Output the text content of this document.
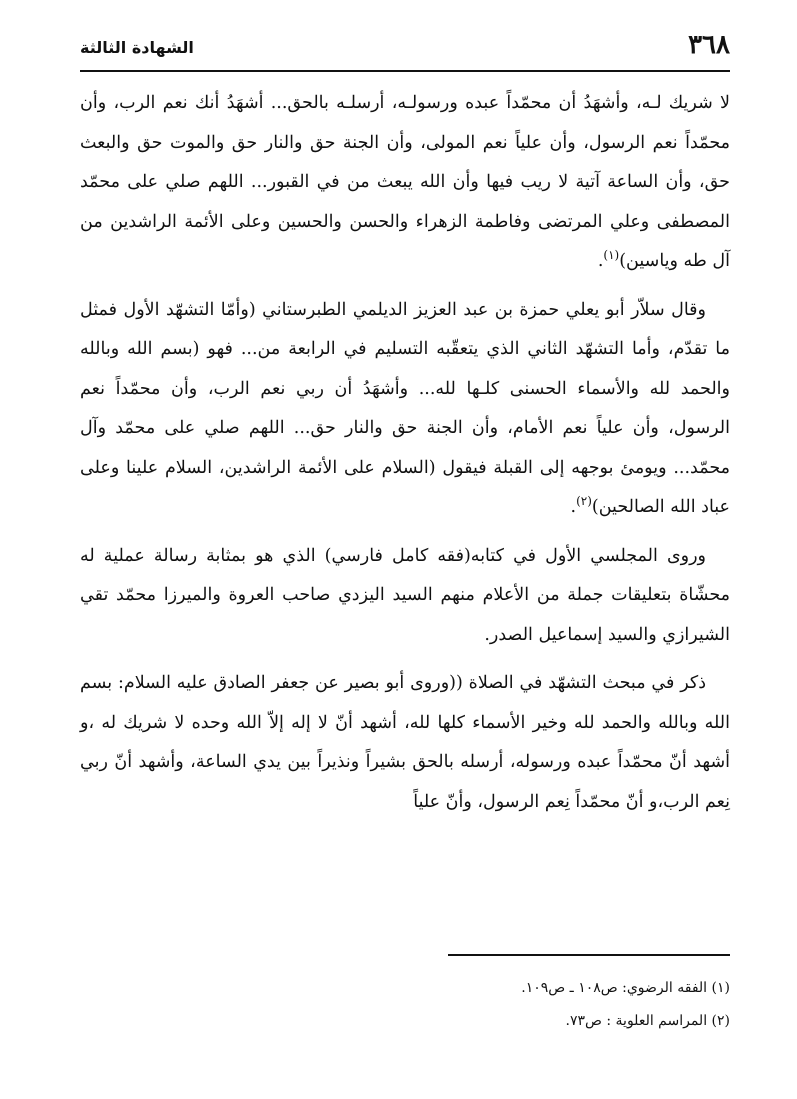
٣٦٨
الشهادة الثالثة

لا شريك لـه، وأشهَدُ أن محمّداً عبده ورسولـه، أرسلـه بالحق... أشهَدُ أنك نعم الرب، وأن محمّداً نعم الرسول، وأن علياً نعم المولى، وأن الجنة حق والنار حق والموت حق والبعث حق، وأن الساعة آتية لا ريب فيها وأن الله يبعث من في القبور... اللهم صلي على محمّد المصطفى وعلي المرتضى وفاطمة الزهراء والحسن والحسين وعلى الأئمة الراشدين من آل طه وياسين)$^{(١)}$.

وقال سلاّر أبو يعلي حمزة بن عبد العزيز الديلمي الطبرستاني (وأمّا التشهّد الأول فمثل ما تقدّم، وأما التشهّد الثاني الذي يتعقّبه التسليم في الرابعة من... فهو (بسم الله وبالله والحمد لله والأسماء الحسنى كلـها لله... وأشهَدُ أن ربي نعم الرب، وأن محمّداً نعم الرسول، وأن علياً نعم الأمام، وأن الجنة حق والنار حق... اللهم صلي على محمّد وآل محمّد... ويومئ بوجهه إلى القبلة فيقول (السلام على الأئمة الراشدين، السلام علينا وعلى عباد الله الصالحين)$^{(٢)}$.

وروى المجلسي الأول في كتابه(فقه كامل فارسي) الذي هو بمثابة رسالة عملية له محشّاة بتعليقات جملة من الأعلام منهم السيد اليزدي صاحب العروة والميرزا محمّد تقي الشيرازي والسيد إسماعيل الصدر.

ذكر في مبحث التشهّد في الصلاة ((وروى أبو بصير عن جعفر الصادق عليه السلام: بسم الله وبالله والحمد لله وخير الأسماء كلها لله، أشهد أنّ لا إله إلاّ الله وحده لا شريك له ،و أشهد أنّ محمّداً عبده ورسوله، أرسله بالحق بشيراً ونذيراً بين يدي الساعة، وأشهد أنّ ربي نِعم الرب،و أنّ محمّداً نِعم الرسول، وأنّ علياً

(١) الفقه الرضوي: ص١٠٨ ـ ص١٠٩.

(٢) المراسم العلوية : ص٧٣.
